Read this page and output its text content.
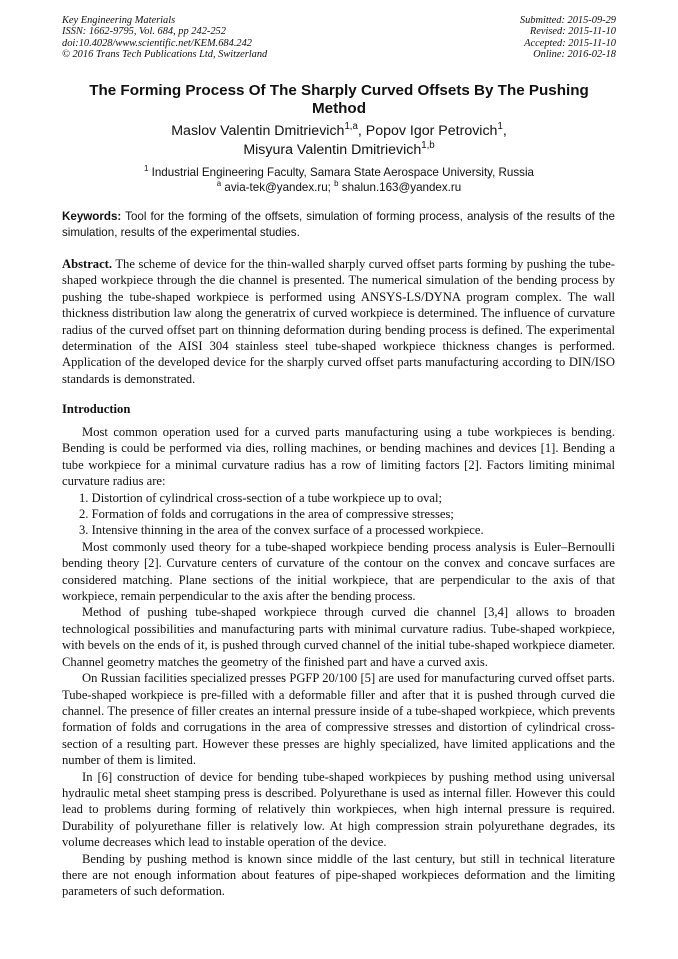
Key Engineering Materials
ISSN: 1662-9795, Vol. 684, pp 242-252
doi:10.4028/www.scientific.net/KEM.684.242
© 2016 Trans Tech Publications Ltd, Switzerland
Submitted: 2015-09-29
Revised: 2015-11-10
Accepted: 2015-11-10
Online: 2016-02-18
The Forming Process Of The Sharply Curved Offsets By The Pushing Method
Maslov Valentin Dmitrievich$^{1,a}$, Popov Igor Petrovich$^1$,
Misyura Valentin Dmitrievich$^{1,b}$
$^1$ Industrial Engineering Faculty, Samara State Aerospace University, Russia
$^a$ avia-tek@yandex.ru; $^b$ shalun.163@yandex.ru
Keywords: Tool for the forming of the offsets, simulation of forming process, analysis of the results of the simulation, results of the experimental studies.
Abstract. The scheme of device for the thin-walled sharply curved offset parts forming by pushing the tube-shaped workpiece through the die channel is presented. The numerical simulation of the bending process by pushing the tube-shaped workpiece is performed using ANSYS-LS/DYNA program complex. The wall thickness distribution law along the generatrix of curved workpiece is determined. The influence of curvature radius of the curved offset part on thinning deformation during bending process is defined. The experimental determination of the AISI 304 stainless steel tube-shaped workpiece thickness changes is performed. Application of the developed device for the sharply curved offset parts manufacturing according to DIN/ISO standards is demonstrated.
Introduction

Most common operation used for a curved parts manufacturing using a tube workpieces is bending. Bending is could be performed via dies, rolling machines, or bending machines and devices [1]. Bending a tube workpiece for a minimal curvature radius has a row of limiting factors [2]. Factors limiting minimal curvature radius are:

1. Distortion of cylindrical cross-section of a tube workpiece up to oval;

2. Formation of folds and corrugations in the area of compressive stresses;

3. Intensive thinning in the area of the convex surface of a processed workpiece.

Most commonly used theory for a tube-shaped workpiece bending process analysis is Euler–Bernoulli bending theory [2]. Curvature centers of curvature of the contour on the convex and concave surfaces are considered matching. Plane sections of the initial workpiece, that are perpendicular to the axis of that workpiece, remain perpendicular to the axis after the bending process.

Method of pushing tube-shaped workpiece through curved die channel [3,4] allows to broaden technological possibilities and manufacturing parts with minimal curvature radius. Tube-shaped workpiece, with bevels on the ends of it, is pushed through curved channel of the initial tube-shaped workpiece diameter. Channel geometry matches the geometry of the finished part and have a curved axis.

On Russian facilities specialized presses PGFP 20/100 [5] are used for manufacturing curved offset parts. Tube-shaped workpiece is pre-filled with a deformable filler and after that it is pushed through curved die channel. The presence of filler creates an internal pressure inside of a tube-shaped workpiece, which prevents formation of folds and corrugations in the area of compressive stresses and distortion of cylindrical cross-section of a resulting part. However these presses are highly specialized, have limited applications and the number of them is limited.

In [6] construction of device for bending tube-shaped workpieces by pushing method using universal hydraulic metal sheet stamping press is described. Polyurethane is used as internal filler. However this could lead to problems during forming of relatively thin workpieces, when high internal pressure is required. Durability of polyurethane filler is relatively low. At high compression strain polyurethane degrades, its volume decreases which lead to instable operation of the device.

Bending by pushing method is known since middle of the last century, but still in technical literature there are not enough information about features of pipe-shaped workpieces deformation and the limiting parameters of such deformation.
